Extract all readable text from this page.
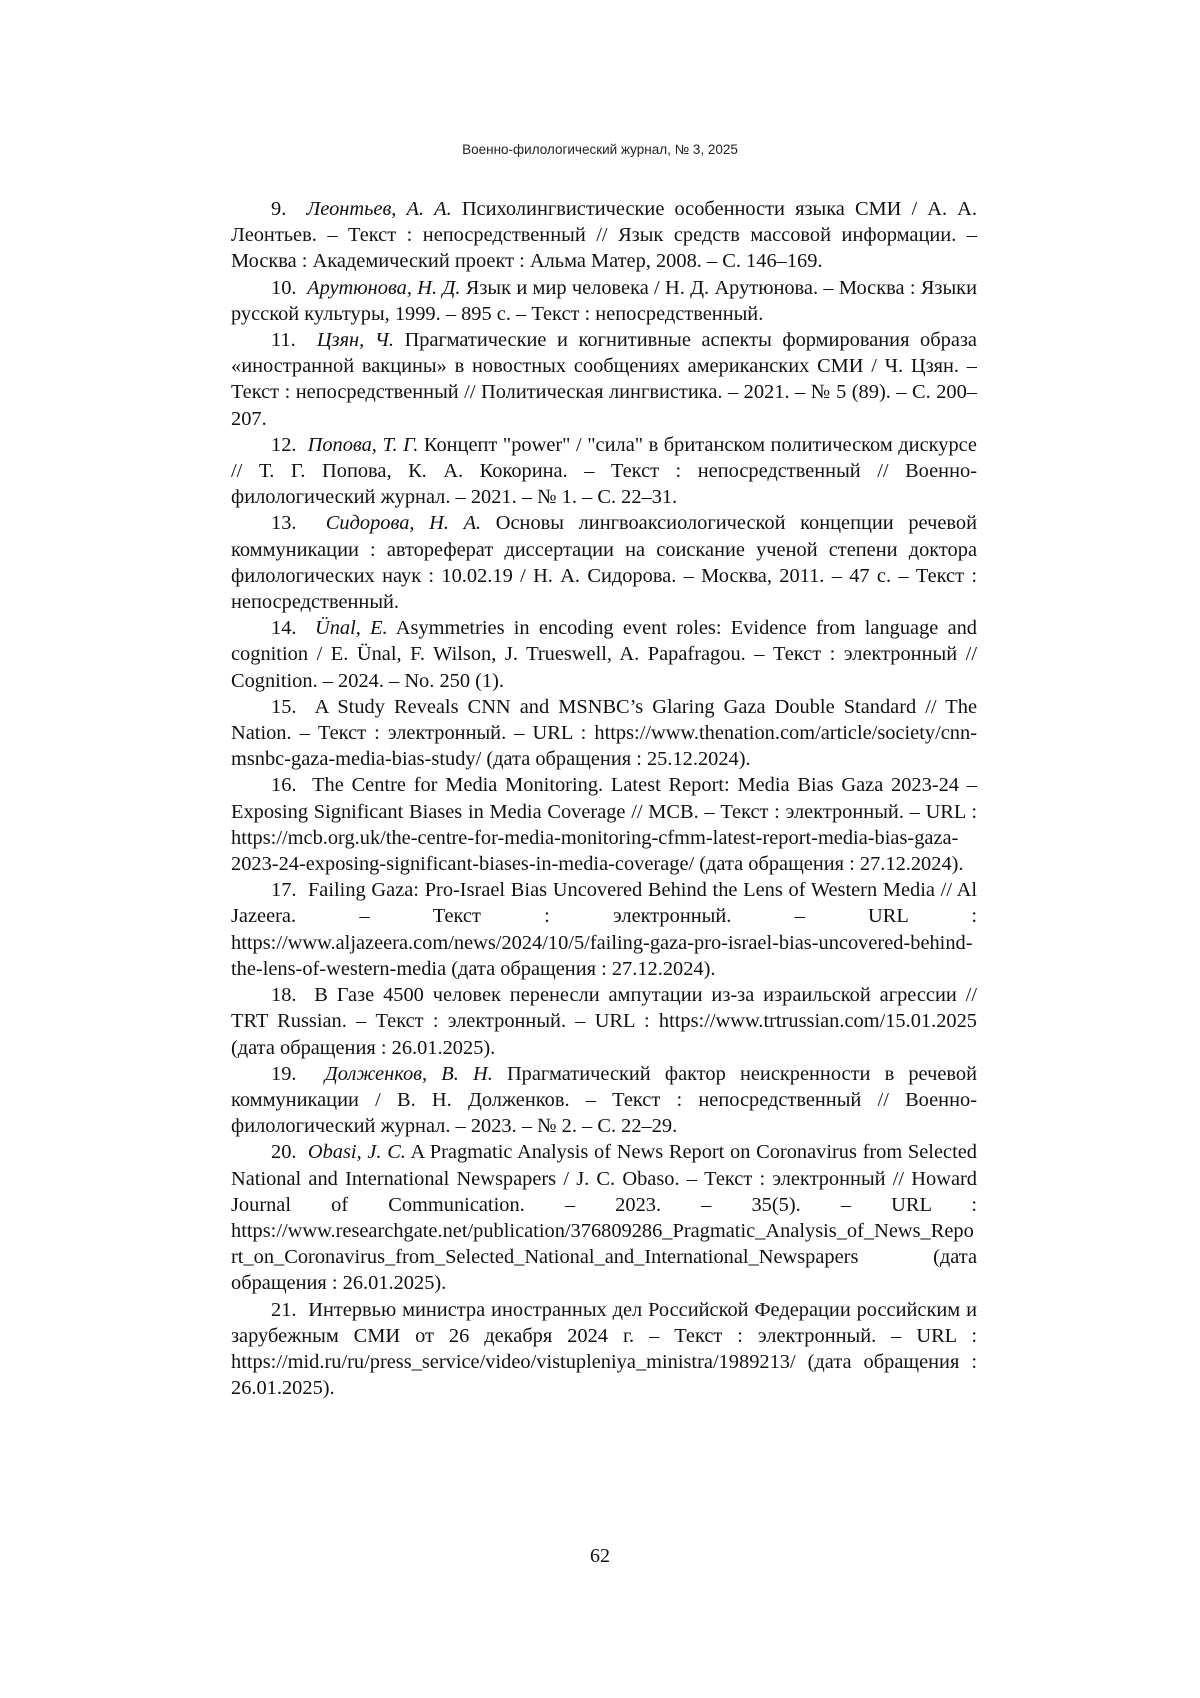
Военно-филологический журнал, № 3, 2025

9. Леонтьев, А. А. Психолингвистические особенности языка СМИ / А. А. Леонтьев. – Текст : непосредственный // Язык средств массовой информации. – Москва : Академический проект : Альма Матер, 2008. – С. 146–169.

10. Арутюнова, Н. Д. Язык и мир человека / Н. Д. Арутюнова. – Москва : Языки русской культуры, 1999. – 895 с. – Текст : непосредственный.

11. Цзян, Ч. Прагматические и когнитивные аспекты формирования образа «иностранной вакцины» в новостных сообщениях американских СМИ / Ч. Цзян. –Текст : непосредственный // Политическая лингвистика. – 2021. – № 5 (89). – С. 200–207.

12. Попова, Т. Г. Концепт "power" / "сила" в британском политическом дискурсе // Т. Г. Попова, К. А. Кокорина. – Текст : непосредственный // Военно-филологический журнал. – 2021. – № 1. – С. 22–31.

13. Сидорова, Н. А. Основы лингвоаксиологической концепции речевой коммуникации : автореферат диссертации на соискание ученой степени доктора филологических наук : 10.02.19 / Н. А. Сидорова. – Москва, 2011. – 47 с. – Текст : непосредственный.

14. Ünal, E. Asymmetries in encoding event roles: Evidence from language and cognition / E. Ünal, F. Wilson, J. Trueswell, A. Papafragou. – Текст : электронный // Cognition. – 2024. – No. 250 (1).

15. A Study Reveals CNN and MSNBC’s Glaring Gaza Double Standard // The Nation. – Текст : электронный. – URL : https://www.thenation.com/article/society/cnn-msnbc-gaza-media-bias-study/ (дата обращения : 25.12.2024).

16. The Centre for Media Monitoring. Latest Report: Media Bias Gaza 2023-24 – Exposing Significant Biases in Media Coverage // MCB. – Текст : электронный. – URL : https://mcb.org.uk/the-centre-for-media-monitoring-cfmm-latest-report-media-bias-gaza-2023-24-exposing-significant-biases-in-media-coverage/ (дата обращения : 27.12.2024).

17. Failing Gaza: Pro-Israel Bias Uncovered Behind the Lens of Western Media // Al Jazeera. – Текст : электронный. – URL : https://www.aljazeera.com/news/2024/10/5/failing-gaza-pro-israel-bias-uncovered-behind-the-lens-of-western-media (дата обращения : 27.12.2024).

18. В Газе 4500 человек перенесли ампутации из-за израильской агрессии // TRT Russian. – Текст : электронный. – URL : https://www.trtrussian.com/15.01.2025 (дата обращения : 26.01.2025).

19. Долженков, В. Н. Прагматический фактор неискренности в речевой коммуникации / В. Н. Долженков. – Текст : непосредственный // Военно-филологический журнал. – 2023. – № 2. – С. 22–29.

20. Obasi, J. C. A Pragmatic Analysis of News Report on Coronavirus from Selected National and International Newspapers / J. C. Obaso. – Текст : электронный // Howard Journal of Communication. – 2023. – 35(5). – URL : https://www.researchgate.net/publication/376809286_Pragmatic_Analysis_of_News_Report_on_Coronavirus_from_Selected_National_and_International_Newspapers (дата обращения : 26.01.2025).

21. Интервью министра иностранных дел Российской Федерации российским и зарубежным СМИ от 26 декабря 2024 г. – Текст : электронный. – URL : https://mid.ru/ru/press_service/video/vistupleniya_ministra/1989213/ (дата обращения : 26.01.2025).

62
